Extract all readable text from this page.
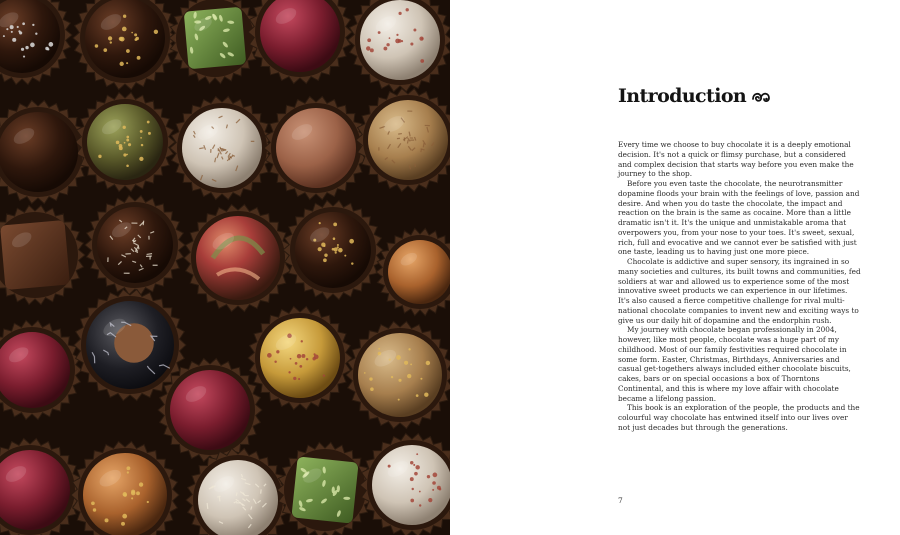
Introduction

Every time we choose to buy chocolate it is a deeply emotional decision. It's not a quick or flimsy purchase, but a considered and complex decision that starts way before you even make the journey to the shop.

Before you even taste the chocolate, the neurotransmitter dopamine floods your brain with the feelings of love, passion and desire. And when you do taste the chocolate, the impact and reaction on the brain is the same as cocaine. More than a little dramatic isn't it. It's the unique and unmistakable aroma that overpowers you, from your nose to your toes. It's sweet, sexual, rich, full and evocative and we cannot ever be satisfied with just one taste, leading us to having just one more piece.

Chocolate is addictive and super sensory, its ingrained in so many societies and cultures, its built towns and communities, fed soldiers at war and allowed us to experience some of the most innovative sweet products we can experience in our lifetimes. It's also caused a fierce competitive challenge for rival multi-national chocolate companies to invent new and exciting ways to give us our daily hit of dopamine and the endorphin rush.

My journey with chocolate began professionally in 2004, however, like most people, chocolate was a huge part of my childhood. Most of our family festivities required chocolate in some form. Easter, Christmas, Birthdays, Anniversaries and casual get-togethers always included either chocolate biscuits, cakes, bars or on special occasions a box of Thorntons Continental, and this is where my love affair with chocolate became a lifelong passion.

This book is an exploration of the people, the products and the colourful way chocolate has entwined itself into our lives over not just decades but through the generations.

7
